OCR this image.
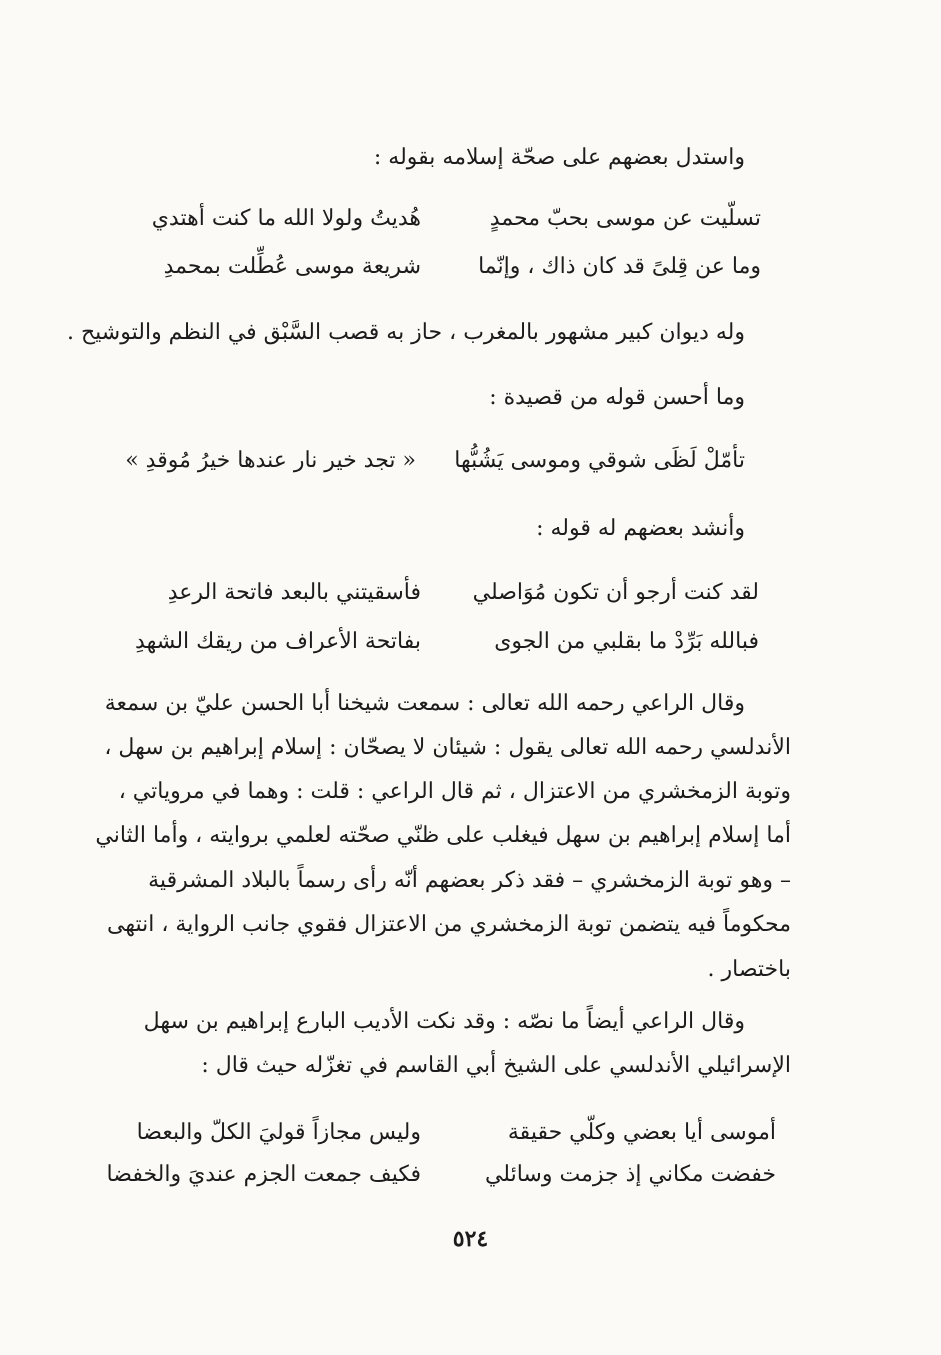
واستدل بعضهم على صحّة إسلامه بقوله :
تسلّيت عن موسى بحبّ محمدٍ
هُديتُ ولولا الله ما كنت أهتدي
وما عن قِلىً قد كان ذاك ، وإنّما
شريعة موسى عُطِّلت بمحمدِ
وله ديوان كبير مشهور بالمغرب ، حاز به قصب السَّبْق في النظم والتوشيح .
وما أحسن قوله من قصيدة :
تأمّلْ لَظَى شوقي وموسى يَشُبُّها
« تجد خير نار عندها خيرُ مُوقدِ »
وأنشد بعضهم له قوله :
لقد كنت أرجو أن تكون مُوَاصلي
فأسقيتني بالبعد فاتحة الرعدِ
فبالله بَرِّدْ ما بقلبي من الجوى
بفاتحة الأعراف من ريقك الشهدِ
وقال الراعي رحمه الله تعالى : سمعت شيخنا أبا الحسن عليّ بن سمعة
الأندلسي رحمه الله تعالى يقول : شيئان لا يصحّان : إسلام إبراهيم بن سهل ،
وتوبة الزمخشري من الاعتزال ، ثم قال الراعي : قلت : وهما في مروياتي ،
أما إسلام إبراهيم بن سهل فيغلب على ظنّي صحّته لعلمي بروايته ، وأما الثاني
– وهو توبة الزمخشري – فقد ذكر بعضهم أنّه رأى رسماً بالبلاد المشرقية
محكوماً فيه يتضمن توبة الزمخشري من الاعتزال فقوي جانب الرواية ، انتهى
باختصار .
وقال الراعي أيضاً ما نصّه : وقد نكت الأديب البارع إبراهيم بن سهل
الإسرائيلي الأندلسي على الشيخ أبي القاسم في تغزّله حيث قال :
أموسى أيا بعضي وكلّي حقيقة
وليس مجازاً قوليَ الكلّ والبعضا
خفضت مكاني إذ جزمت وسائلي
فكيف جمعت الجزم عنديَ والخفضا
٥٢٤
